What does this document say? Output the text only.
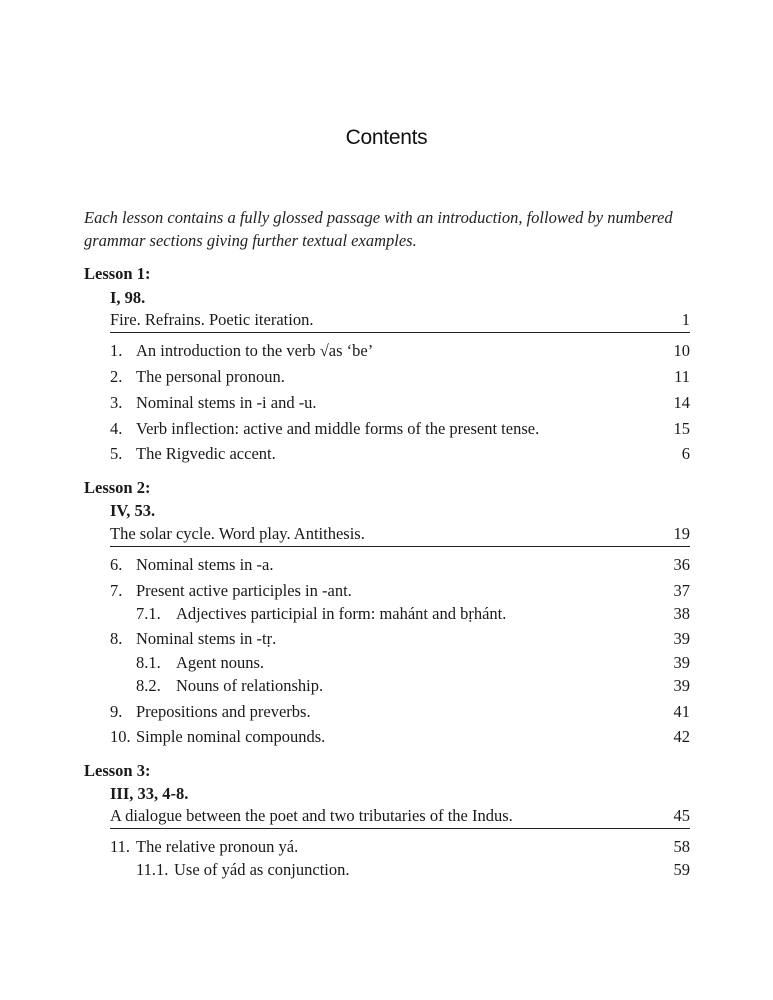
Contents
Each lesson contains a fully glossed passage with an introduction, followed by numbered grammar sections giving further textual examples.
Lesson 1:
I, 98.
Fire. Refrains. Poetic iteration.	1
1. An introduction to the verb √as ‘be’	10
2. The personal pronoun.	11
3. Nominal stems in -i and -u.	14
4. Verb inflection: active and middle forms of the present tense.	15
5. The Rigvedic accent.	6
Lesson 2:
IV, 53.
The solar cycle. Word play. Antithesis.	19
6. Nominal stems in -a.	36
7. Present active participles in -ant.	37
7.1. Adjectives participial in form: mahánt and bṛhánt.	38
8. Nominal stems in -tṛ.	39
8.1. Agent nouns.	39
8.2. Nouns of relationship.	39
9. Prepositions and preverbs.	41
10. Simple nominal compounds.	42
Lesson 3:
III, 33, 4-8.
A dialogue between the poet and two tributaries of the Indus.	45
11. The relative pronoun yá.	58
11.1. Use of yád as conjunction.	59
